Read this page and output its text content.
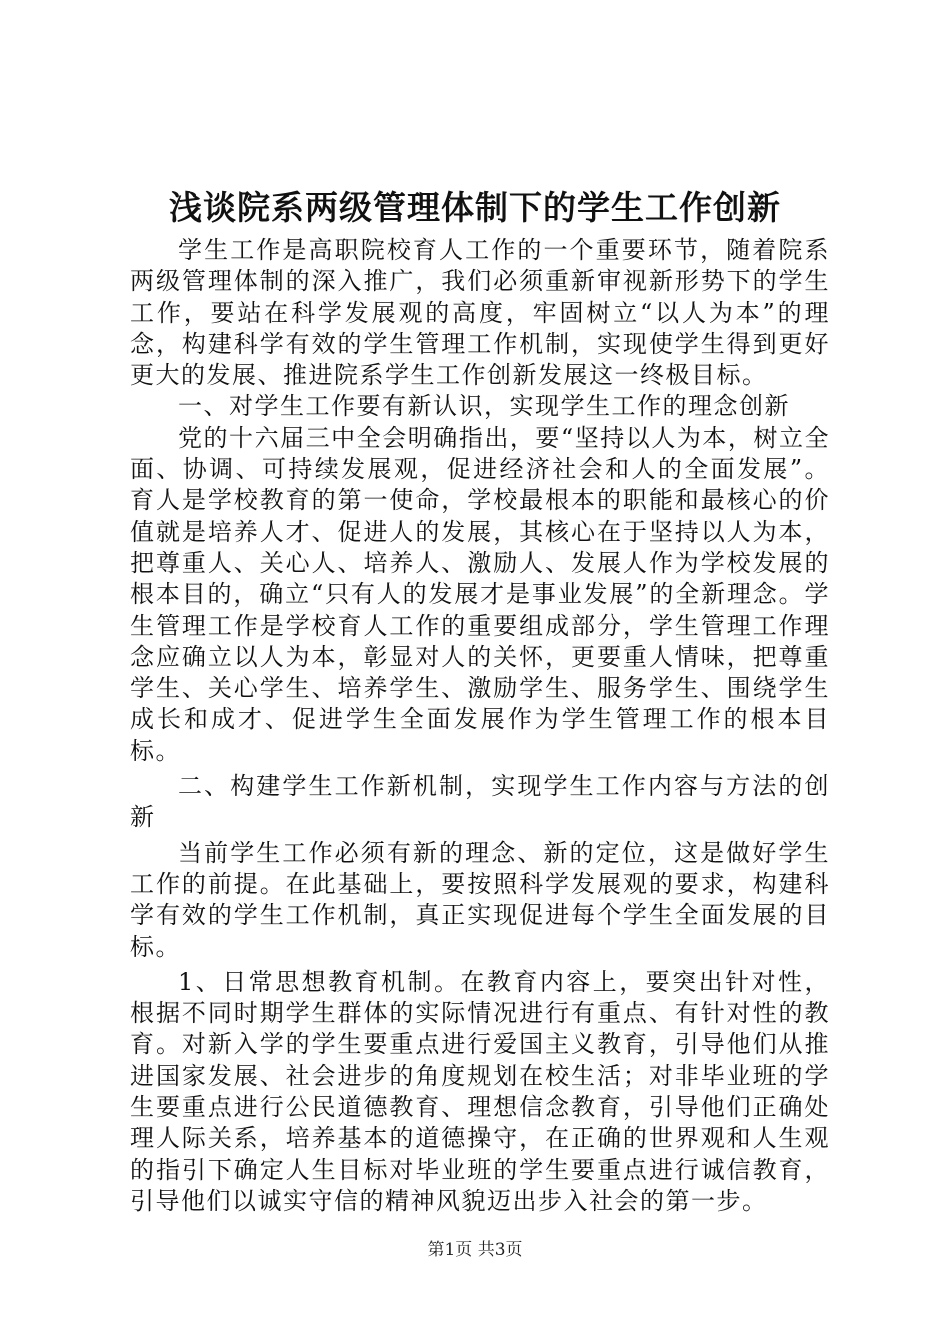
浅谈院系两级管理体制下的学生工作创新

学生工作是高职院校育人工作的一个重要环节，随着院系两级管理体制的深入推广，我们必须重新审视新形势下的学生工作，要站在科学发展观的高度，牢固树立“以人为本”的理念，构建科学有效的学生管理工作机制，实现使学生得到更好更大的发展、推进院系学生工作创新发展这一终极目标。

一、对学生工作要有新认识，实现学生工作的理念创新

党的十六届三中全会明确指出，要“坚持以人为本，树立全面、协调、可持续发展观，促进经济社会和人的全面发展”。育人是学校教育的第一使命，学校最根本的职能和最核心的价值就是培养人才、促进人的发展，其核心在于坚持以人为本，把尊重人、关心人、培养人、激励人、发展人作为学校发展的根本目的，确立“只有人的发展才是事业发展”的全新理念。学生管理工作是学校育人工作的重要组成部分，学生管理工作理念应确立以人为本，彰显对人的关怀，更要重人情味，把尊重学生、关心学生、培养学生、激励学生、服务学生、围绕学生成长和成才、促进学生全面发展作为学生管理工作的根本目标。

二、构建学生工作新机制，实现学生工作内容与方法的创新

当前学生工作必须有新的理念、新的定位，这是做好学生工作的前提。在此基础上，要按照科学发展观的要求，构建科学有效的学生工作机制，真正实现促进每个学生全面发展的目标。

1、日常思想教育机制。在教育内容上，要突出针对性，根据不同时期学生群体的实际情况进行有重点、有针对性的教育。对新入学的学生要重点进行爱国主义教育，引导他们从推进国家发展、社会进步的角度规划在校生活；对非毕业班的学生要重点进行公民道德教育、理想信念教育，引导他们正确处理人际关系，培养基本的道德操守，在正确的世界观和人生观的指引下确定人生目标对毕业班的学生要重点进行诚信教育，引导他们以诚实守信的精神风貌迈出步入社会的第一步。

第1页 共3页
